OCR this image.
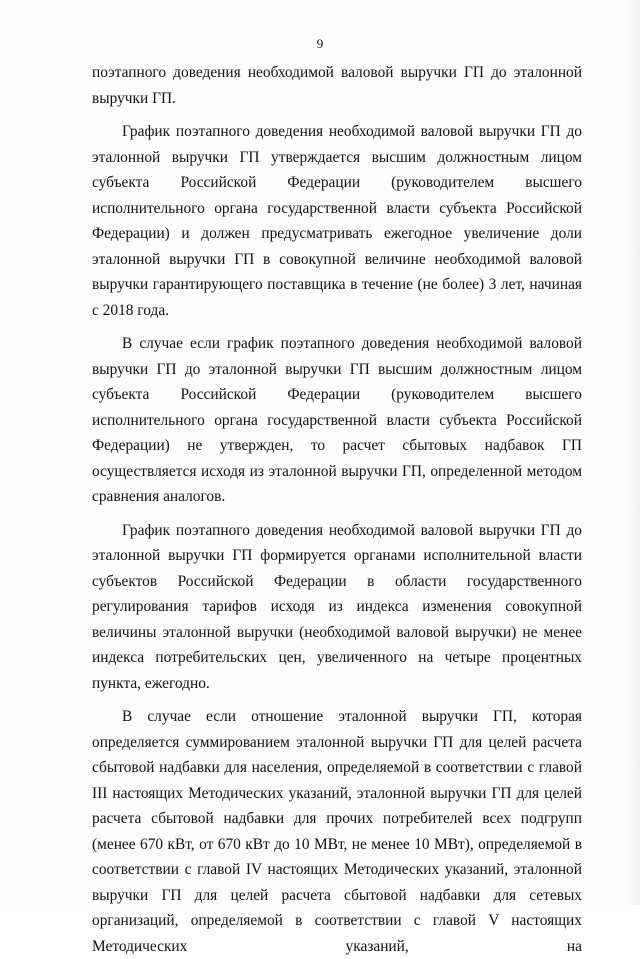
9

поэтапного доведения необходимой валовой выручки ГП до эталонной выручки ГП.

График поэтапного доведения необходимой валовой выручки ГП до эталонной выручки ГП утверждается высшим должностным лицом субъекта Российской Федерации (руководителем высшего исполнительного органа государственной власти субъекта Российской Федерации) и должен предусматривать ежегодное увеличение доли эталонной выручки ГП в совокупной величине необходимой валовой выручки гарантирующего поставщика в течение (не более) 3 лет, начиная с 2018 года.

В случае если график поэтапного доведения необходимой валовой выручки ГП до эталонной выручки ГП высшим должностным лицом субъекта Российской Федерации (руководителем высшего исполнительного органа государственной власти субъекта Российской Федерации) не утвержден, то расчет сбытовых надбавок ГП осуществляется исходя из эталонной выручки ГП, определенной методом сравнения аналогов.

График поэтапного доведения необходимой валовой выручки ГП до эталонной выручки ГП формируется органами исполнительной власти субъектов Российской Федерации в области государственного регулирования тарифов исходя из индекса изменения совокупной величины эталонной выручки (необходимой валовой выручки) не менее индекса потребительских цен, увеличенного на четыре процентных пункта, ежегодно.

В случае если отношение эталонной выручки ГП, которая определяется суммированием эталонной выручки ГП для целей расчета сбытовой надбавки для населения, определяемой в соответствии с главой III настоящих Методических указаний, эталонной выручки ГП для целей расчета сбытовой надбавки для прочих потребителей всех подгрупп (менее 670 кВт, от 670 кВт до 10 МВт, не менее 10 МВт), определяемой в соответствии с главой IV настоящих Методических указаний, эталонной выручки ГП для целей расчета сбытовой надбавки для сетевых организаций, определяемой в соответствии с главой V настоящих Методических указаний, на
